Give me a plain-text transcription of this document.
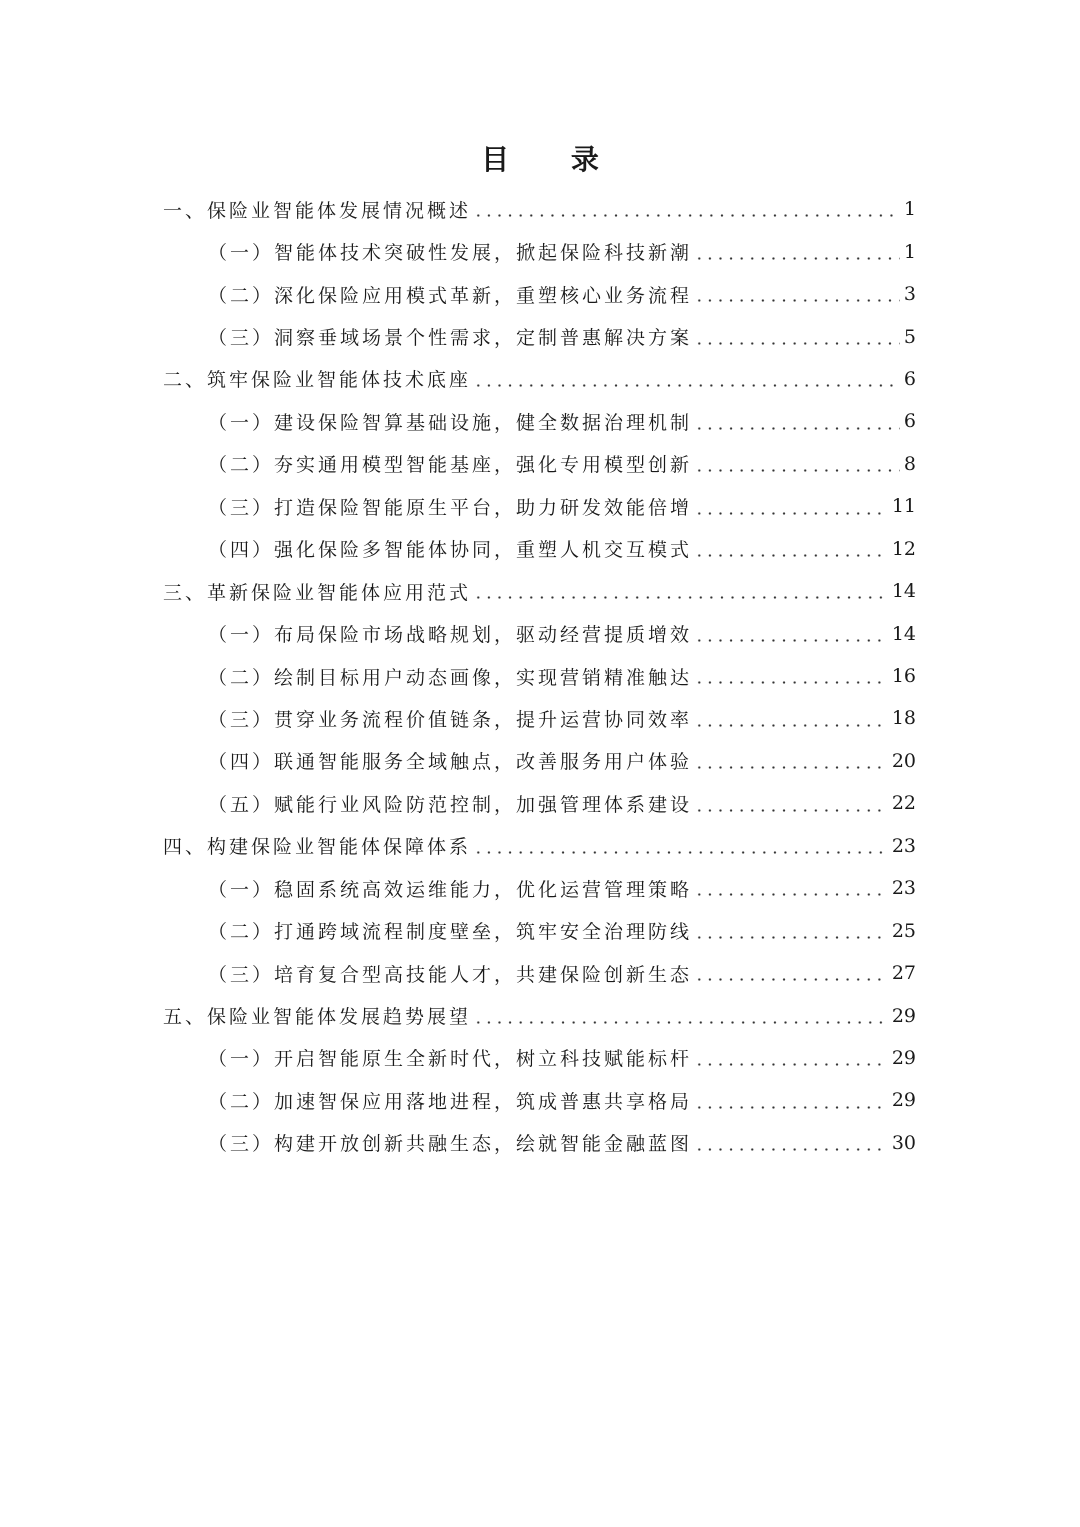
目 录
一、保险业智能体发展情况概述	1
（一）智能体技术突破性发展，掀起保险科技新潮	1
（二）深化保险应用模式革新，重塑核心业务流程	3
（三）洞察垂域场景个性需求，定制普惠解决方案	5
二、筑牢保险业智能体技术底座	6
（一）建设保险智算基础设施，健全数据治理机制	6
（二）夯实通用模型智能基座，强化专用模型创新	8
（三）打造保险智能原生平台，助力研发效能倍增	11
（四）强化保险多智能体协同，重塑人机交互模式	12
三、革新保险业智能体应用范式	14
（一）布局保险市场战略规划，驱动经营提质增效	14
（二）绘制目标用户动态画像，实现营销精准触达	16
（三）贯穿业务流程价值链条，提升运营协同效率	18
（四）联通智能服务全域触点，改善服务用户体验	20
（五）赋能行业风险防范控制，加强管理体系建设	22
四、构建保险业智能体保障体系	23
（一）稳固系统高效运维能力，优化运营管理策略	23
（二）打通跨域流程制度壁垒，筑牢安全治理防线	25
（三）培育复合型高技能人才，共建保险创新生态	27
五、保险业智能体发展趋势展望	29
（一）开启智能原生全新时代，树立科技赋能标杆	29
（二）加速智保应用落地进程，筑成普惠共享格局	29
（三）构建开放创新共融生态，绘就智能金融蓝图	30
